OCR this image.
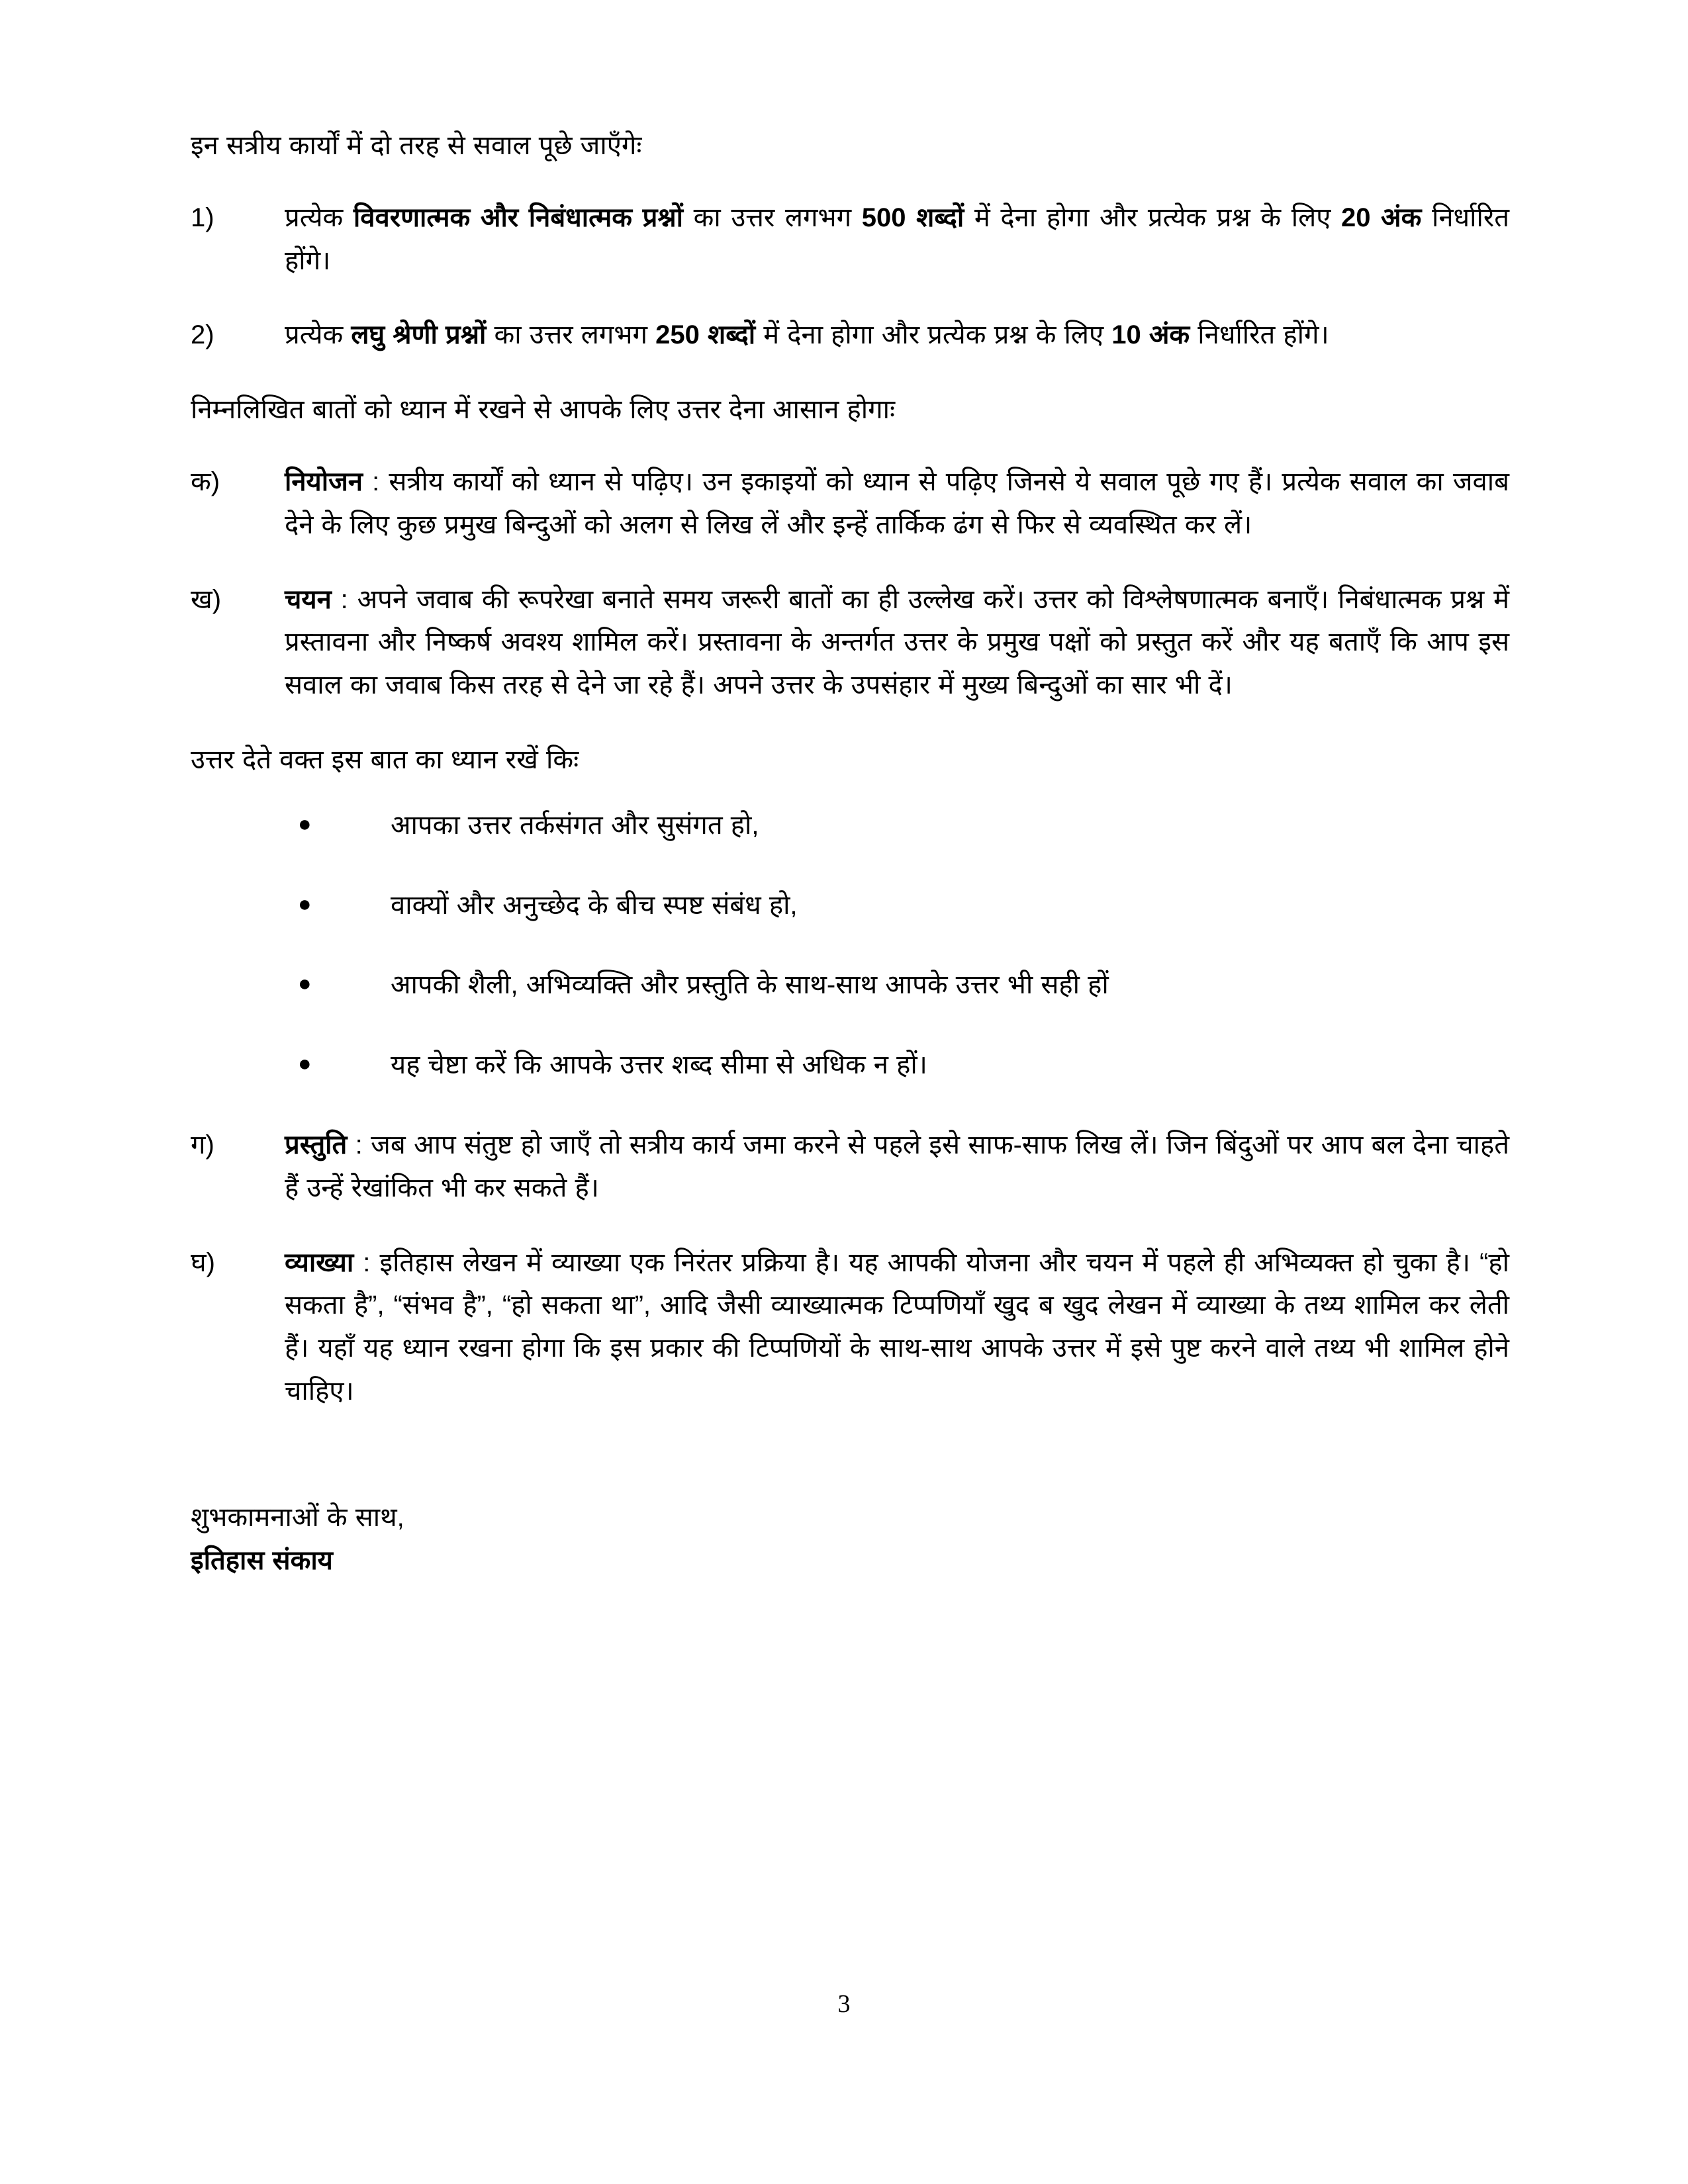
इन सत्रीय कार्यों में दो तरह से सवाल पूछे जाएँगेः

1)	प्रत्येक विवरणात्मक और निबंधात्मक प्रश्नों का उत्तर लगभग 500 शब्दों में देना होगा और प्रत्येक प्रश्न के लिए 20 अंक निर्धारित होंगे।
2)	प्रत्येक लघु श्रेणी प्रश्नों का उत्तर लगभग 250 शब्दों में देना होगा और प्रत्येक प्रश्न के लिए 10 अंक निर्धारित होंगे।

निम्नलिखित बातों को ध्यान में रखने से आपके लिए उत्तर देना आसान होगाः

क)	नियोजन : सत्रीय कार्यों को ध्यान से पढ़िए। उन इकाइयों को ध्यान से पढ़िए जिनसे ये सवाल पूछे गए हैं। प्रत्येक सवाल का जवाब देने के लिए कुछ प्रमुख बिन्दुओं को अलग से लिख लें और इन्हें तार्किक ढंग से फिर से व्यवस्थित कर लें।
ख)	चयन : अपने जवाब की रूपरेखा बनाते समय जरूरी बातों का ही उल्लेख करें। उत्तर को विश्लेषणात्मक बनाएँ। निबंधात्मक प्रश्न में प्रस्तावना और निष्कर्ष अवश्य शामिल करें। प्रस्तावना के अन्तर्गत उत्तर के प्रमुख पक्षों को प्रस्तुत करें और यह बताएँ कि आप इस सवाल का जवाब किस तरह से देने जा रहे हैं। अपने उत्तर के उपसंहार में मुख्य बिन्दुओं का सार भी दें।

उत्तर देते वक्त इस बात का ध्यान रखें किः

●	आपका उत्तर तर्कसंगत और सुसंगत हो,
●	वाक्यों और अनुच्छेद के बीच स्पष्ट संबंध हो,
●	आपकी शैली, अभिव्यक्ति और प्रस्तुति के साथ-साथ आपके उत्तर भी सही हों
●	यह चेष्टा करें कि आपके उत्तर शब्द सीमा से अधिक न हों।
ग)	प्रस्तुति : जब आप संतुष्ट हो जाएँ तो सत्रीय कार्य जमा करने से पहले इसे साफ-साफ लिख लें। जिन बिंदुओं पर आप बल देना चाहते हैं उन्हें रेखांकित भी कर सकते हैं।
घ)	व्याख्या : इतिहास लेखन में व्याख्या एक निरंतर प्रक्रिया है। यह आपकी योजना और चयन में पहले ही अभिव्यक्त हो चुका है। “हो सकता है”, “संभव है”, “हो सकता था”, आदि जैसी व्याख्यात्मक टिप्पणियाँ खुद ब खुद लेखन में व्याख्या के तथ्य शामिल कर लेती हैं। यहाँ यह ध्यान रखना होगा कि इस प्रकार की टिप्पणियों के साथ-साथ आपके उत्तर में इसे पुष्ट करने वाले तथ्य भी शामिल होने चाहिए।

शुभकामनाओं के साथ,

इतिहास संकाय

3
